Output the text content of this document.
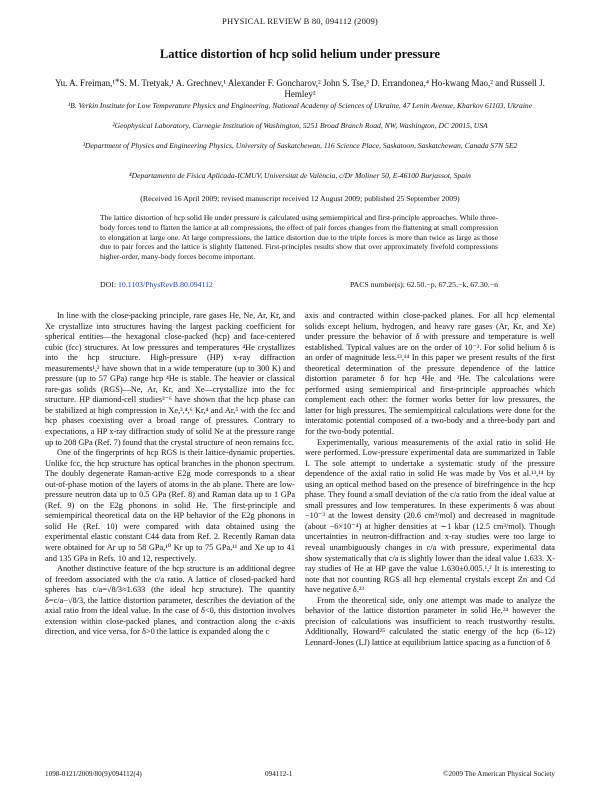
PHYSICAL REVIEW B 80, 094112 (2009)
Lattice distortion of hcp solid helium under pressure
Yu. A. Freiman,¹ ⃰ S. M. Tretyak,¹ A. Grechnev,¹ Alexander F. Goncharov,² John S. Tse,³ D. Errandonea,⁴ Ho-kwang Mao,² and Russell J. Hemley²
¹B. Verkin Institute for Low Temperature Physics and Engineering, National Academy of Sciences of Ukraine, 47 Lenin Avenue, Kharkov 61103, Ukraine
²Geophysical Laboratory, Carnegie Institution of Washington, 5251 Broad Branch Road, NW, Washington, DC 20015, USA
³Department of Physics and Engineering Physics, University of Saskatchewan, 116 Science Place, Saskatoon, Saskatchewan, Canada S7N 5E2
⁴Departamento de Física Aplicada-ICMUV, Universitat de València, c/Dr Moliner 50, E-46100 Burjassot, Spain
(Received 16 April 2009; revised manuscript received 12 August 2009; published 25 September 2009)
The lattice distortion of hcp solid He under pressure is calculated using semiempirical and first-principle approaches. While three-body forces tend to flatten the lattice at all compressions, the effect of pair forces changes from the flattening at small compression to elongation at large one. At large compressions, the lattice distortion due to the triple forces is more than twice as large as those due to pair forces and the lattice is slightly flattened. First-principles results show that over approximately fivefold compressions higher-order, many-body forces become important.
DOI: 10.1103/PhysRevB.80.094112	PACS number(s): 62.50.−p, 67.25.−k, 67.30.−n

In line with the close-packing principle, rare gases He, Ne, Ar, Kr, and Xe crystallize into structures having the largest packing coefficient for spherical entities—the hexagonal close-packed (hcp) and face-centered cubic (fcc) structures. At low pressures and temperatures ⁴He crystallizes into the hcp structure. High-pressure (HP) x-ray diffraction measurements¹,² have shown that in a wide temperature (up to 300 K) and pressure (up to 57 GPa) range hcp ⁴He is stable. The heavier or classical rare-gas solids (RGS)—Ne, Ar, Kr, and Xe—crystallize into the fcc structure. HP diamond-cell studies³⁻⁶ have shown that the hcp phase can be stabilized at high compression in Xe,³,⁴,⁶ Kr,⁴ and Ar,⁵ with the fcc and hcp phases coexisting over a broad range of pressures. Contrary to expectations, a HP x-ray diffraction study of solid Ne at the pressure range up to 208 GPa (Ref. 7) found that the crystal structure of neon remains fcc.

One of the fingerprints of hcp RGS is their lattice-dynamic properties. Unlike fcc, the hcp structure has optical branches in the phonon spectrum. The doubly degenerate Raman-active E2g mode corresponds to a shear out-of-phase motion of the layers of atoms in the ab plane. There are low-pressure neutron data up to 0.5 GPa (Ref. 8) and Raman data up to 1 GPa (Ref. 9) on the E2g phonons in solid He. The first-principle and semiempirical theoretical data on the HP behavior of the E2g phonons in solid He (Ref. 10) were compared with data obtained using the experimental elastic constant C44 data from Ref. 2. Recently Raman data were obtained for Ar up to 58 GPa,¹⁰ Kr up to 75 GPa,¹¹ and Xe up to 41 and 135 GPa in Refs. 10 and 12, respectively.

Another distinctive feature of the hcp structure is an additional degree of freedom associated with the c/a ratio. A lattice of closed-packed hard spheres has c/a=√8/3≈1.633 (the ideal hcp structure). The quantity δ=c/a−√8/3, the lattice distortion parameter, describes the deviation of the axial ratio from the ideal value. In the case of δ<0, this distortion involves extension within close-packed planes, and contraction along the c-axis direction, and vice versa, for δ>0 the lattice is expanded along the c

axis and contracted within close-packed planes. For all hcp elemental solids except helium, hydrogen, and heavy rare gases (Ar, Kr, and Xe) under pressure the behavior of δ with pressure and temperature is well established. Typical values are on the order of 10⁻². For solid helium δ is an order of magnitude less.¹³,¹⁴ In this paper we present results of the first theoretical determination of the pressure dependence of the lattice distortion parameter δ for hcp ⁴He and ³He. The calculations were performed using semiempirical and first-principle approaches which complement each other: the former works better for low pressures, the latter for high pressures. The semiempirical calculations were done for the interatomic potential composed of a two-body and a three-body part and for the two-body potential.

Experimentally, various measurements of the axial ratio in solid He were performed. Low-pressure experimental data are summarized in Table I. The sole attempt to undertake a systematic study of the pressure dependence of the axial ratio in solid He was made by Vos et al.¹³,¹⁴ by using an optical method based on the presence of birefringence in the hcp phase. They found a small deviation of the c/a ratio from the ideal value at small pressures and low temperatures. In these experiments δ was about −10⁻³ at the lowest density (20.6 cm³/mol) and decreased in magnitude (about −6×10⁻⁴) at higher densities at ∼1 kbar (12.5 cm³/mol). Though uncertainties in neutron-diffraction and x-ray studies were too large to reveal unambiguously changes in c/a with pressure, experimental data show systematically that c/a is slightly lower than the ideal value 1.633. X-ray studies of He at HP gave the value 1.630±0.005.¹,² It is interesting to note that not counting RGS all hcp elemental crystals except Zn and Cd have negative δ.²³

From the theoretical side, only one attempt was made to analyze the behavior of the lattice distortion parameter in solid He,²⁴ however the precision of calculations was insufficient to reach trustworthy results. Additionally, Howard²⁵ calculated the static energy of the hcp (6–12) Lennard-Jones (LJ) lattice at equilibrium lattice spacing as a function of δ

1098-0121/2009/80(9)/094112(4)	094112-1	©2009 The American Physical Society
